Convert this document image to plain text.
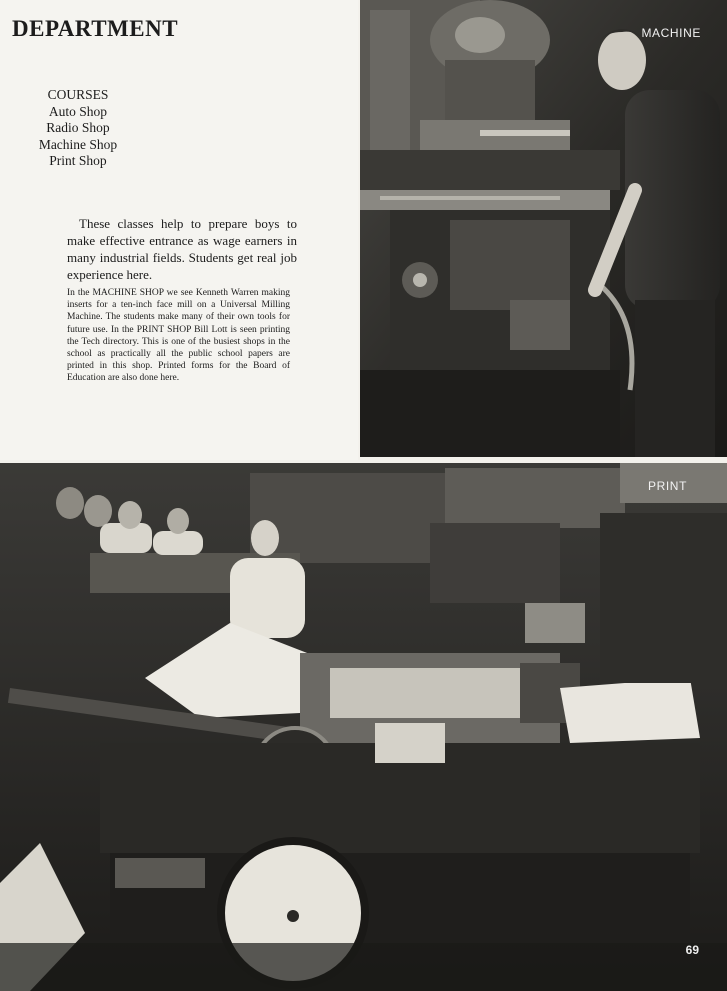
DEPARTMENT
COURSES
Auto Shop
Radio Shop
Machine Shop
Print Shop

These classes help to prepare boys to make effective entrance as wage earners in many industrial fields. Students get real job experience here.

In the MACHINE SHOP we see Kenneth Warren making inserts for a ten-inch face mill on a Universal Milling Machine. The students make many of their own tools for future use. In the PRINT SHOP Bill Lott is seen printing the Tech directory. This is one of the busiest shops in the school as practically all the public school papers are printed in this shop. Printed forms for the Board of Education are also done here.

MACHINE
PRINT
69
